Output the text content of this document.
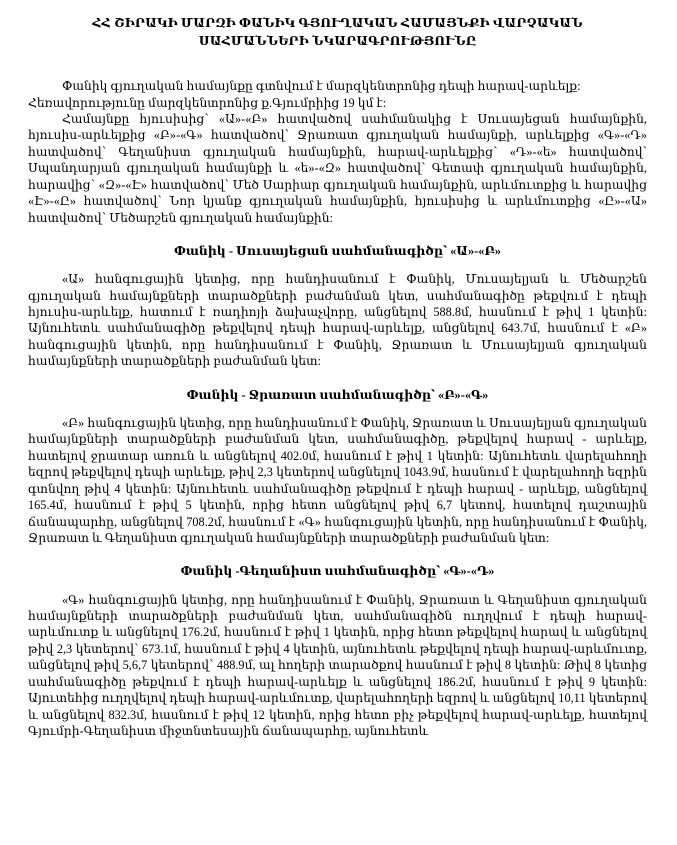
ՀՀ ՇԻՐԱԿԻ ՄԱՐԶԻ ՓԱՆԻԿ ԳՅՈՒՂԱԿԱՆ ՀԱՄԱՅՆՔԻ ՎԱՐՉԱԿԱՆ
ՍԱՀՄԱՆՆԵՐԻ ՆԿԱՐԱԳՐՈՒԹՅՈՒՆԸ

Փանիկ գյուղական համայնքը գտնվում է մարզկենտրոնից դեպի հարավ-արևելք:

Հեռավորությունը մարզկենտրոնից ք.Գյումրիից 19 կմ է:

Համայնքը հյուսիսից՝ «Ա»-«Բ» հատվածով սահմանակից է Սուսայեցան համայնքին, հյուսիս-արևելքից «Բ»-«Գ» հատվածով՝ Ջրառատ գյուղական համայնքի, արևելքից «Գ»-«Դ» հատվածով՝ Գեղանիստ գյուղական համայնքին, հարավ-արևելքից՝ «Դ»-«ե» հատվածով՝ Սպանդարյան գյուղական համայնքի և «ե»-«Զ» հատվածով՝ Գետափ գյուղական համայնքին, հարավից՝ «Զ»-«Է» հատվածով՝ Մեծ Սարիար գյուղական համայնքին, արևմուտքից և հարավից «Է»-«Ը» հատվածով՝ Նոր կյանք գյուղական համայնքին, հյուսիսից և արևմուտքից «Ը»-«Ա» հատվածով՝ Մեծարշեն գյուղական համայնքին:

Փանիկ - Սուսայեցան սահմանագիծը՝ «Ա»-«Բ»

«Ա» հանգուցային կետից, որը հանդիսանում է Փանիկ, Մուսայելյան և Մեծարշեն գյուղական համայնքների տարածքների բաժանման կետ, սահմանագիծը թեքվում է դեպի հյուսիս-արևելք, հատում է ռադիոյի ձախաչվորը, անցնելով 588.8մ, հասնում է թիվ 1 կետին: Այնուհետև սահմանագիծը թեքվելով դեպի հարավ-արևելք, անցնելով 643.7մ, հասնում է «Բ» հանգուցային կետին, որը հանդիսանում է Փանիկ, Ջրառատ և Մուսայելյան գյուղական համայնքների տարածքների բաժանման կետ:

Փանիկ - Ջրառատ սահմանագիծը՝ «Բ»-«Գ»

«Բ» հանգուցային կետից, որը հանդիսանում է Փանիկ, Ջրառատ և Սուսայելյան գյուղական համայնքների տարածքների բաժանման կետ, սահմանագիծը, թեքվելով հարավ - արևելք, հատելով ջրատար առուն և անցնելով 402.0մ, հասնում է թիվ 1 կետին: Այնուհետև վարելահողի եզրով թեքվելով դեպի արևելք, թիվ 2,3 կետերով անցնելով 1043.9մ, հասնում է վարելահողի եզրին գտնվող թիվ 4 կետին: Այնուհետև սահմանագիծը թեքվում է դեպի հարավ - արևելք, անցնելով 165.4մ, հասնում է թիվ 5 կետին, որից հետո անցնելով թիվ 6,7 կետով, հատելով դաշտային ճանապարհը, անցնելով 708.2մ, հասնում է «Գ» հանգուցային կետին, որը հանդիսանում է Փանիկ, Ջրառատ և Գեղանիստ գյուղական համայնքների տարածքների բաժանման կետ:

Փանիկ -Գեղանիստ սահմանագիծը՝ «Գ»-«Դ»

«Գ» հանգուցային կետից, որը հանդիսանում է Փանիկ, Ջրառատ և Գեղանիստ գյուղական համայնքների տարածքների բաժանման կետ, սահմանագիծն ուղղվում է դեպի հարավ-արևմուտք և անցնելով 176.2մ, հասնում է թիվ 1 կետին, որից հետո թեքվելով հարավ և անցնելով թիվ 2,3 կետերով՝ 673.1մ, հասնում է թիվ 4 կետին, այնուհետև թեքվելով դեպի հարավ-արևմուտք, անցնելով թիվ 5,6,7 կետերով՝ 488.9մ, ալ հողերի տարածքով հասնում է թիվ 8 կետին: Թիվ 8 կետից սահմանագիծը թեքվում է դեպի հարավ-արևելք և անցնելով 186.2մ, հասնում է թիվ 9 կետին: Այուտեհից ուղղվելով դեպի հարավ-արևմուտք, վարելահողերի եզրով և անցնելով 10,11 կետերով և անցնելով 832.3մ, հասնում է թիվ 12 կետին, որից հետո բիչ թեքվելով հարավ-արևելք, հատելով Գյումրի-Գեղանիստ միջտնտեսային ճանապարհը, այնուհետև
